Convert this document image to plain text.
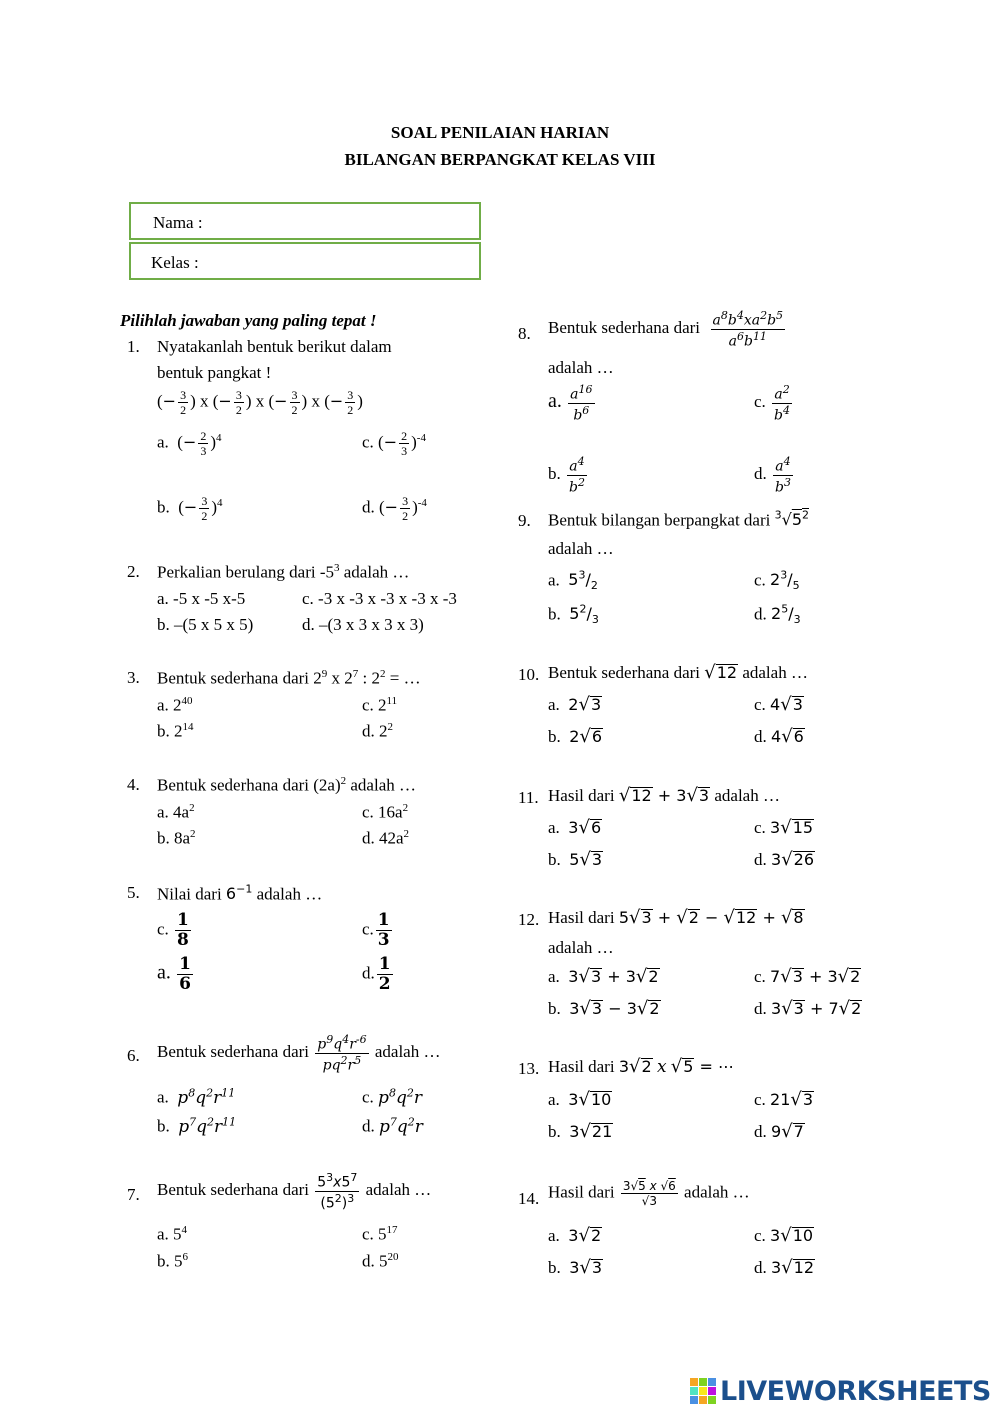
SOAL PENILAIAN HARIAN
BILANGAN BERPANGKAT KELAS VIII
Nama :
Kelas :
Pilihlah jawaban yang paling tepat !
1. Nyatakanlah bentuk berikut dalam
bentuk pangkat !
(− $\frac{3}{2}$ ) x (− $\frac{3}{2}$ ) x (− $\frac{3}{2}$ ) x (− $\frac{3}{2}$ )
a.  (− $\frac{2}{3} )^4$	c. (− $\frac{2}{3} )^{-4}$
b.  (− $\frac{3}{2} )^4$	d. (− $\frac{3}{2} )^{-4}$
2. Perkalian berulang dari $-5^3$ adalah …
a. -5 x -5 x-5	c. -3 x -3 x -3 x -3 x -3
b. –(5 x 5 x 5)	d. –(3 x 3 x 3 x 3)
3. Bentuk sederhana dari $2^9$ x $2^7$ : $2^2$ = …
a. $2^{40}$	c. $2^{11}$
b. $2^{14}$	d. $2^2$
4. Bentuk sederhana dari $(2a)^2$ adalah …
a. $4a^2$	c. $16a^2$
b. $8a^2$	d. $42a^2$
5. Nilai dari $6^{-1}$ adalah …
c. $\frac{1}{8}$	c. $\frac{1}{3}$
a. $\frac{1}{6}$	d. $\frac{1}{2}$
6. Bentuk sederhana dari $\frac{p^9q^4r^{-6}}{pq^2r^5}$ adalah …
a. $p^8q^2r^{11}$	c. $p^8q^2r$
b. $p^7q^2r^{11}$	d. $p^7q^2r$
7. Bentuk sederhana dari $\frac{5^3x5^7}{(5^2)^3}$ adalah …
a. $5^4$	c. $5^{17}$
b. $5^6$	d. $5^{20}$
8. Bentuk sederhana dari $\frac{a^8b^4xa^2b^5}{a^6b^{11}}$
adalah …
a. $\frac{a^{16}}{b^6}$	c. $\frac{a^2}{b^4}$
b. $\frac{a^4}{b^2}$	d. $\frac{a^4}{b^3}$
9. Bentuk bilangan berpangkat dari $^3√5^2$
adalah …
a. $5^3/_2$	c. $2^3/_5$
b. $5^2/_3$	d. $2^5/_3$
10. Bentuk sederhana dari √ 12 adalah …
a. 2 √ 3	c. 4 √ 3
b. 2 √ 6	d. 4 √ 6
11. Hasil dari √ 12 + 3 √ 3 adalah …
a. 3 √ 6	c. 3 √ 15
b. 5 √ 3	d. 3 √ 26
12. Hasil dari 5 √ 3 + √ 2 − √ 12 + √ 8
adalah …
a. 3 √ 3 + 3 √ 2	c. 7 √ 3 + 3 √ 2
b. 3 √ 3 − 3 √ 2	d. 3 √ 3 + 7 √ 2
13. Hasil dari 3 √ 2 x √ 5 = ⋯
a. 3 √ 10	c. 21 √ 3
b. 3 √ 21	d. 9 √ 7
14. Hasil dari $\frac{3√5 x √6}{√3}$ adalah …
a. 3 √ 2	c. 3 √ 10
b. 3 √ 3	d. 3 √ 12
LIVEWORKSHEETS
